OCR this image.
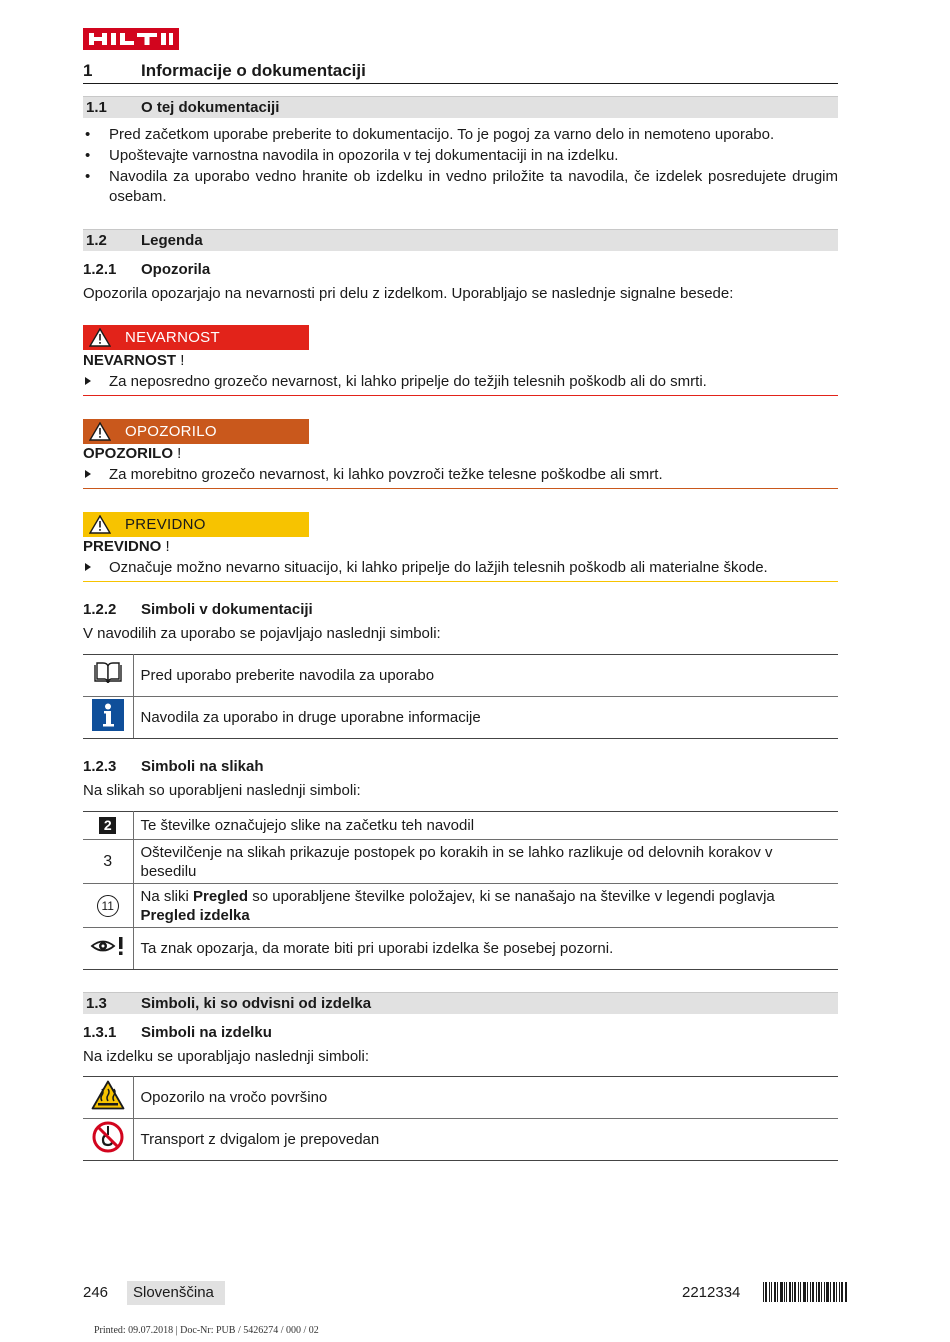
1	Informacije o dokumentaciji
1.1 O tej dokumentaciji
• Pred začetkom uporabe preberite to dokumentacijo. To je pogoj za varno delo in nemoteno uporabo.
• Upoštevajte varnostna navodila in opozorila v tej dokumentaciji in na izdelku.
• Navodila za uporabo vedno hranite ob izdelku in vedno priložite ta navodila, če izdelek posredujete drugim osebam.
1.2 Legenda
1.2.1 Opozorila
Opozorila opozarjajo na nevarnosti pri delu z izdelkom. Uporabljajo se naslednje signalne besede:
NEVARNOST
NEVARNOST !
Za neposredno grozečo nevarnost, ki lahko pripelje do težjih telesnih poškodb ali do smrti.
OPOZORILO
OPOZORILO !
Za morebitno grozečo nevarnost, ki lahko povzroči težke telesne poškodbe ali smrt.
PREVIDNO
PREVIDNO !
Označuje možno nevarno situacijo, ki lahko pripelje do lažjih telesnih poškodb ali materialne škode.
1.2.2 Simboli v dokumentaciji
V navodilih za uporabo se pojavljajo naslednji simboli:
	Pred uporabo preberite navodila za uporabo
	Navodila za uporabo in druge uporabne informacije
1.2.3 Simboli na slikah
Na slikah so uporabljeni naslednji simboli:
2	Te številke označujejo slike na začetku teh navodil
3	Oštevilčenje na slikah prikazuje postopek po korakih in se lahko razlikuje od delovnih korakov v besedilu
11	Na sliki Pregled so uporabljene številke položajev, ki se nanašajo na številke v legendi poglavja Pregled izdelka
	Ta znak opozarja, da morate biti pri uporabi izdelka še posebej pozorni.
1.3 Simboli, ki so odvisni od izdelka
1.3.1 Simboli na izdelku
Na izdelku se uporabljajo naslednji simboli:
	Opozorilo na vročo površino
	Transport z dvigalom je prepovedan
246	Slovenščina	2212334
Printed: 09.07.2018 | Doc-Nr: PUB / 5426274 / 000 / 02
